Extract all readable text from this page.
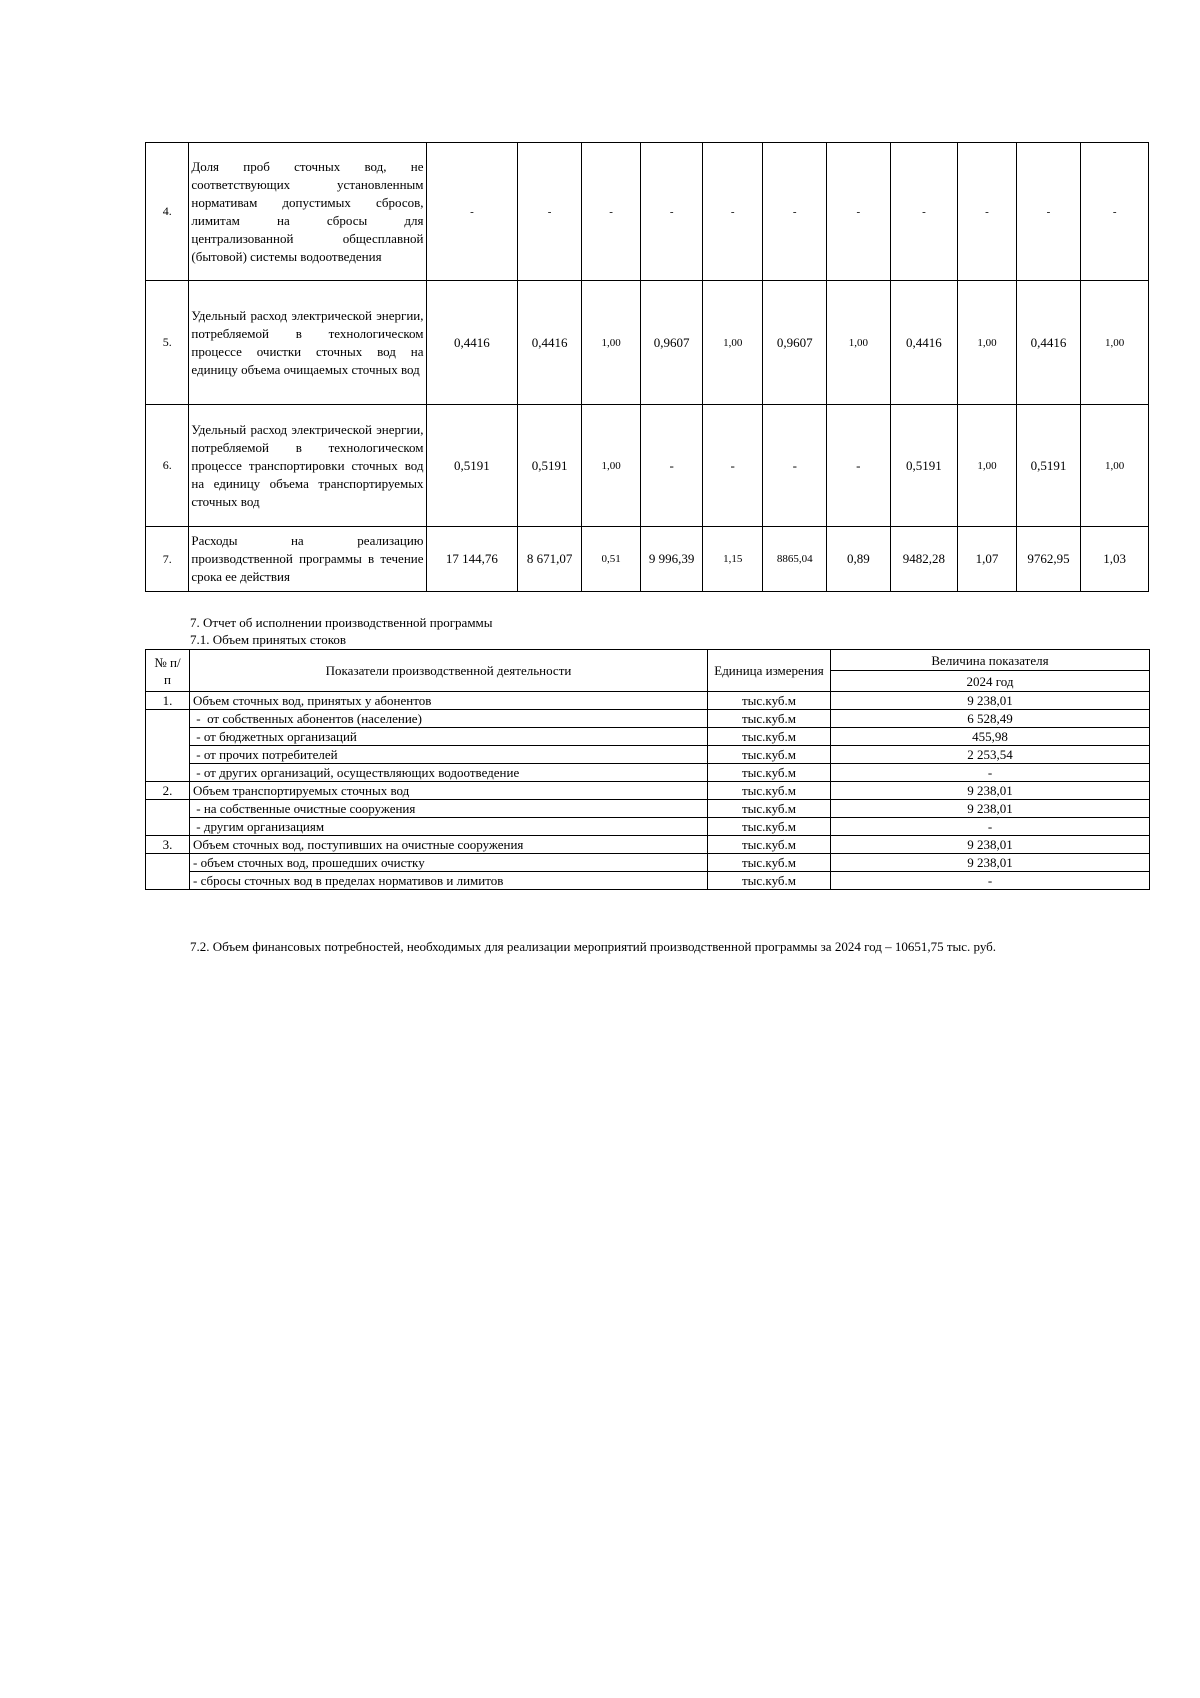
4.	Доля проб сточных вод, не соответствующих установленным нормативам допустимых сбросов, лимитам на сбросы для централизованной общесплавной (бытовой) системы водоотведения	-	-	-	-	-	-	-	-	-	-	-
5.	Удельный расход электрической энергии, потребляемой в технологическом процессе очистки сточных вод на единицу объема очищаемых сточных вод	0,4416	0,4416	1,00	0,9607	1,00	0,9607	1,00	0,4416	1,00	0,4416	1,00
6.	Удельный расход электрической энергии, потребляемой в технологическом процессе транспортировки сточных вод на единицу объема транспортируемых сточных вод	0,5191	0,5191	1,00	-	-	-	-	0,5191	1,00	0,5191	1,00
7.	Расходы на реализацию производственной программы в течение срока ее действия	17 144,76	8 671,07	0,51	9 996,39	1,15	8865,04	0,89	9482,28	1,07	9762,95	1,03
7. Отчет об исполнении производственной программы
7.1. Объем принятых стоков
№ п/п	Показатели производственной деятельности	Единица измерения	Величина показателя
			2024 год
1.	Объем сточных вод, принятых у абонентов	тыс.куб.м	9 238,01
	-  от собственных абонентов (население)	тыс.куб.м	6 528,49
	- от бюджетных организаций	тыс.куб.м	455,98
	- от прочих потребителей	тыс.куб.м	2 253,54
	- от других организаций, осуществляющих водоотведение	тыс.куб.м	-
2.	Объем транспортируемых сточных вод	тыс.куб.м	9 238,01
	- на собственные очистные сооружения	тыс.куб.м	9 238,01
	- другим организациям	тыс.куб.м	-
3.	Объем сточных вод, поступивших на очистные сооружения	тыс.куб.м	9 238,01
	- объем сточных вод, прошедших очистку	тыс.куб.м	9 238,01
	- сбросы сточных вод в пределах нормативов и лимитов	тыс.куб.м	-
7.2. Объем финансовых потребностей, необходимых для реализации мероприятий производственной программы за 2024 год – 10651,75 тыс. руб.
